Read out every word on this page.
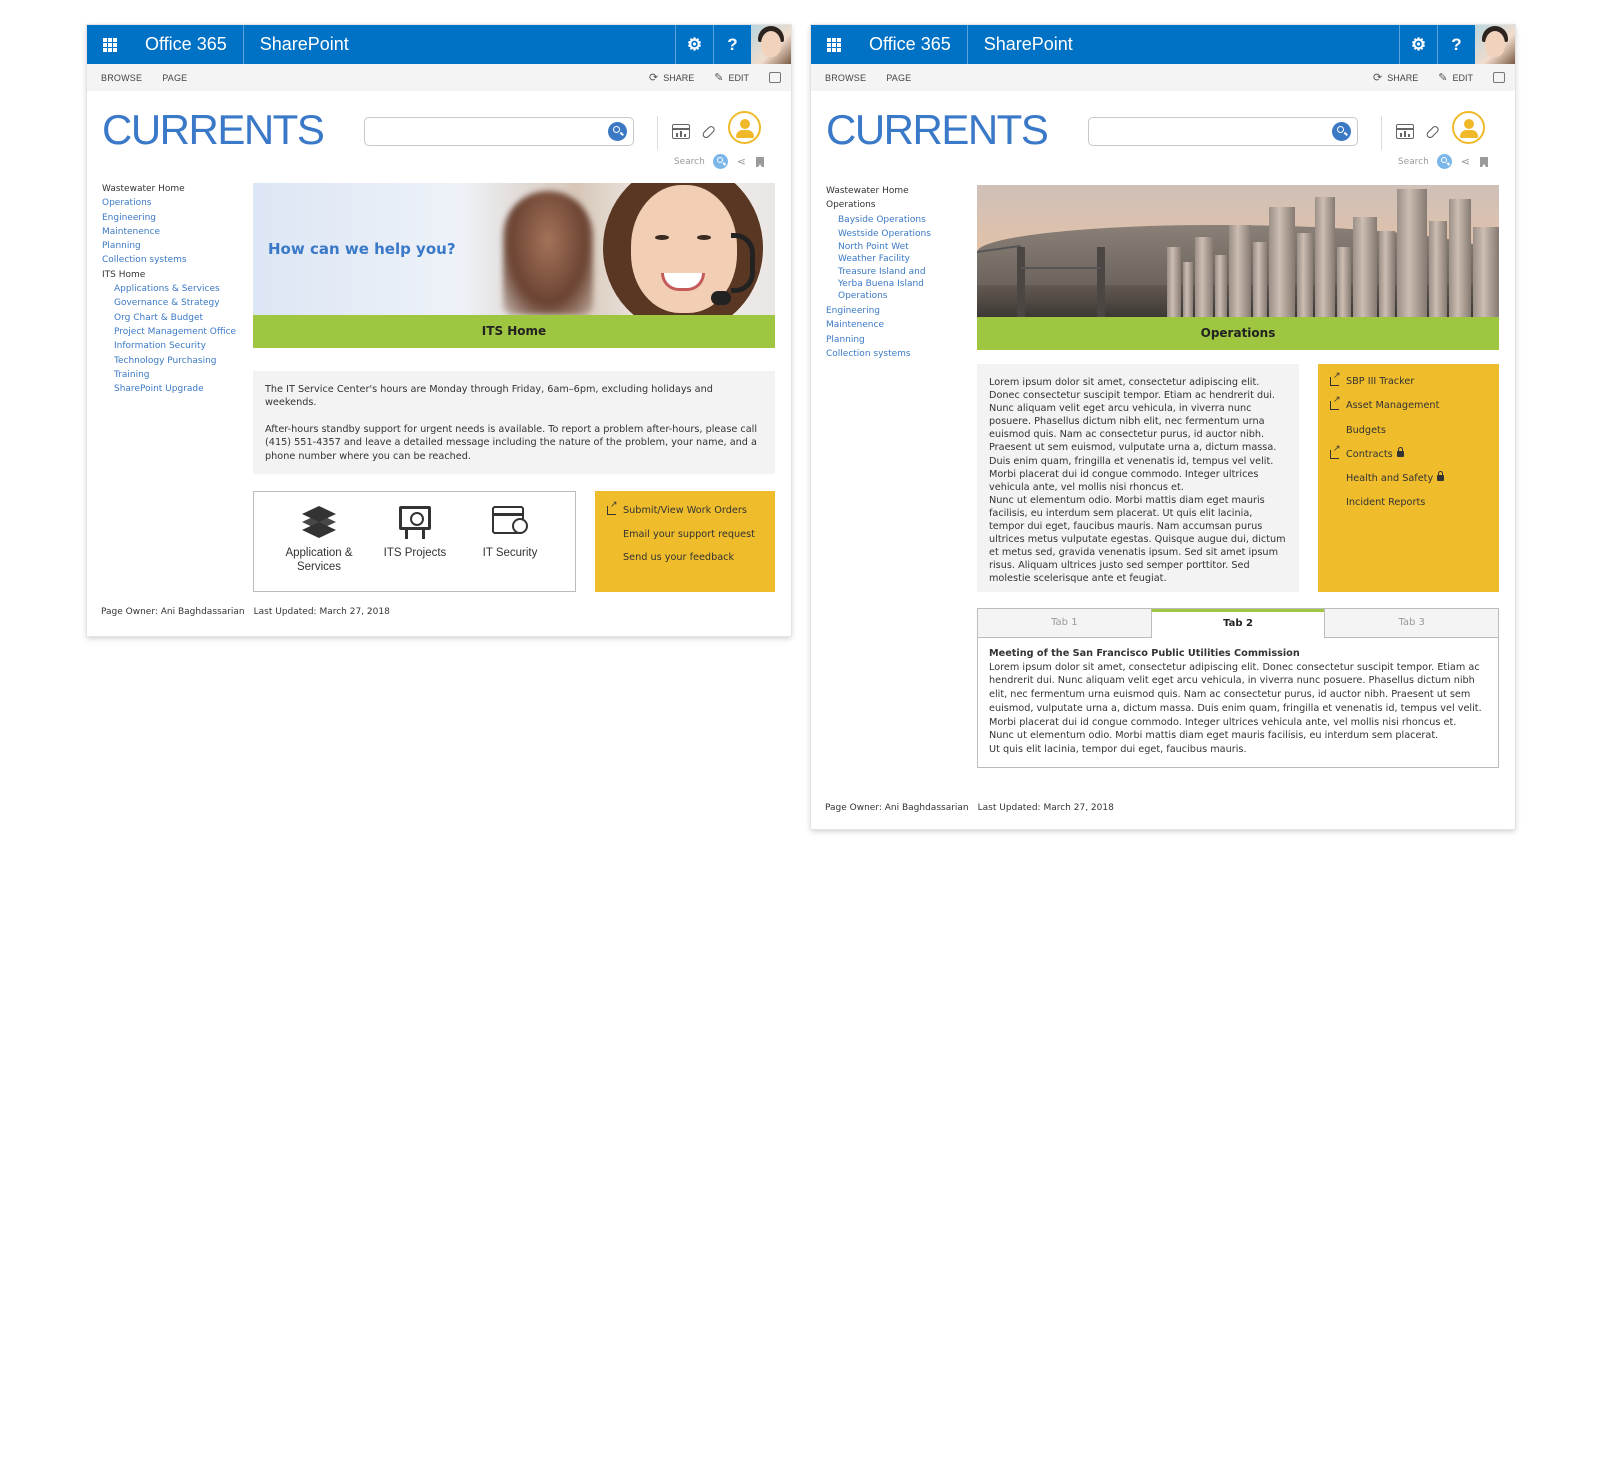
Office 365	SharePoint	⚙	?
BROWSE	PAGE	⟳ SHARE ✎ EDIT
CURRENTS
Search	⋖
Wastewater Home
Operations
Engineering
Maintenence
Planning
Collection systems
ITS Home
Applications & Services
Governance & Strategy
Org Chart & Budget
Project Management Office
Information Security
Technology Purchasing
Training
SharePoint Upgrade
How can we help you?
ITS Home

The IT Service Center's hours are Monday through Friday, 6am–6pm, excluding holidays and weekends.

After-hours standby support for urgent needs is available. To report a problem after-hours, please call (415) 551-4357 and leave a detailed message including the nature of the problem, your name, and a phone number where you can be reached.

Application & Services
ITS Projects	IT Security
↗
Submit/View Work Orders
Email your support request
Send us your feedback
Page Owner: Ani Baghdassarian Last Updated: March 27, 2018
Office 365	SharePoint	⚙	?
BROWSE	PAGE	⟳ SHARE ✎ EDIT
CURRENTS
Search	⋖
Wastewater Home
Operations
Bayside Operations
Westside Operations
North Point Wet
Weather Facility
Treasure Island and
Yerba Buena Island
Operations
Engineering
Maintenence
Planning
Collection systems
Operations
Lorem ipsum dolor sit amet, consectetur adipiscing elit. Donec consectetur suscipit tempor. Etiam ac hendrerit dui. Nunc aliquam velit eget arcu vehicula, in viverra nunc posuere. Phasellus dictum nibh elit, nec fermentum urna euismod quis. Nam ac consectetur purus, id auctor nibh. Praesent ut sem euismod, vulputate urna a, dictum massa. Duis enim quam, fringilla et venenatis id, tempus vel velit. Morbi placerat dui id congue commodo. Integer ultrices vehicula ante, vel mollis nisi rhoncus et.
Nunc ut elementum odio. Morbi mattis diam eget mauris facilisis, eu interdum sem placerat. Ut quis elit lacinia, tempor dui eget, faucibus mauris. Nam accumsan purus ultrices metus vulputate egestas. Quisque augue dui, dictum et metus sed, gravida venenatis ipsum. Sed sit amet ipsum risus. Aliquam ultrices justo sed semper porttitor. Sed molestie scelerisque ante et feugiat.
↗
SBP III Tracker
↗
Asset Management
Budgets
↗
Contracts
Health and Safety
Incident Reports
Tab 1	Tab 2	Tab 3
Meeting of the San Francisco Public Utilities Commission
Lorem ipsum dolor sit amet, consectetur adipiscing elit. Donec consectetur suscipit tempor. Etiam ac hendrerit dui. Nunc aliquam velit eget arcu vehicula, in viverra nunc posuere. Phasellus dictum nibh elit, nec fermentum urna euismod quis. Nam ac consectetur purus, id auctor nibh. Praesent ut sem euismod, vulputate urna a, dictum massa. Duis enim quam, fringilla et venenatis id, tempus vel velit. Morbi placerat dui id congue commodo. Integer ultrices vehicula ante, vel mollis nisi rhoncus et.
Nunc ut elementum odio. Morbi mattis diam eget mauris facilisis, eu interdum sem placerat.
Ut quis elit lacinia, tempor dui eget, faucibus mauris.
Page Owner: Ani Baghdassarian Last Updated: March 27, 2018
